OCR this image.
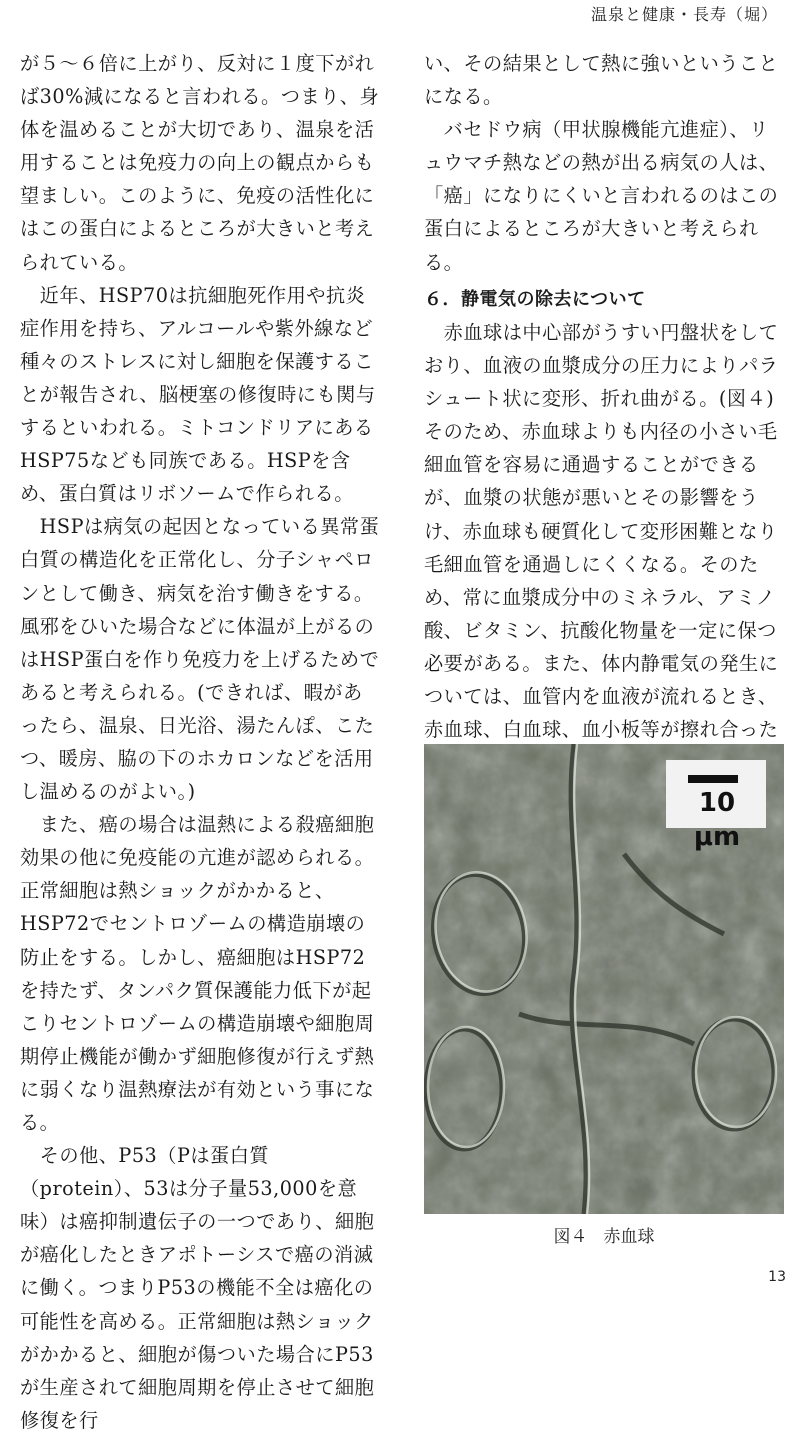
温泉と健康・長寿（堀）

が５～６倍に上がり、反対に１度下がれば30%減になると言われる。つまり、身体を温めることが大切であり、温泉を活用することは免疫力の向上の観点からも望ましい。このように、免疫の活性化にはこの蛋白によるところが大きいと考えられている。

　近年、HSP70は抗細胞死作用や抗炎症作用を持ち、アルコールや紫外線など種々のストレスに対し細胞を保護することが報告され、脳梗塞の修復時にも関与するといわれる。ミトコンドリアにあるHSP75なども同族である。HSPを含め、蛋白質はリボソームで作られる。

　HSPは病気の起因となっている異常蛋白質の構造化を正常化し、分子シャペロンとして働き、病気を治す働きをする。風邪をひいた場合などに体温が上がるのはHSP蛋白を作り免疫力を上げるためであると考えられる。(できれば、暇があったら、温泉、日光浴、湯たんぽ、こたつ、暖房、脇の下のホカロンなどを活用し温めるのがよい。)

　また、癌の場合は温熱による殺癌細胞効果の他に免疫能の亢進が認められる。正常細胞は熱ショックがかかると、HSP72でセントロゾームの構造崩壊の防止をする。しかし、癌細胞はHSP72を持たず、タンパク質保護能力低下が起こりセントロゾームの構造崩壊や細胞周期停止機能が働かず細胞修復が行えず熱に弱くなり温熱療法が有効という事になる。

　その他、P53（Pは蛋白質（protein）、53は分子量53,000を意味）は癌抑制遺伝子の一つであり、細胞が癌化したときアポトーシスで癌の消滅に働く。つまりP53の機能不全は癌化の可能性を高める。正常細胞は熱ショックがかかると、細胞が傷ついた場合にP53が生産されて細胞周期を停止させて細胞修復を行

い、その結果として熱に強いということになる。

　バセドウ病（甲状腺機能亢進症）、リュウマチ熱などの熱が出る病気の人は、「癌」になりにくいと言われるのはこの蛋白によるところが大きいと考えられる。

６．静電気の除去について

　赤血球は中心部がうすい円盤状をしており、血液の血漿成分の圧力によりパラシュート状に変形、折れ曲がる。(図４)そのため、赤血球よりも内径の小さい毛細血管を容易に通過することができるが、血漿の状態が悪いとその影響をうけ、赤血球も硬質化して変形困難となり毛細血管を通過しにくくなる。そのため、常に血漿成分中のミネラル、アミノ酸、ビタミン、抗酸化物量を一定に保つ必要がある。また、体内静電気の発生については、血管内を血液が流れるとき、赤血球、白血球、血小板等が擦れ合った

10 μm
図４ 赤血球
13
